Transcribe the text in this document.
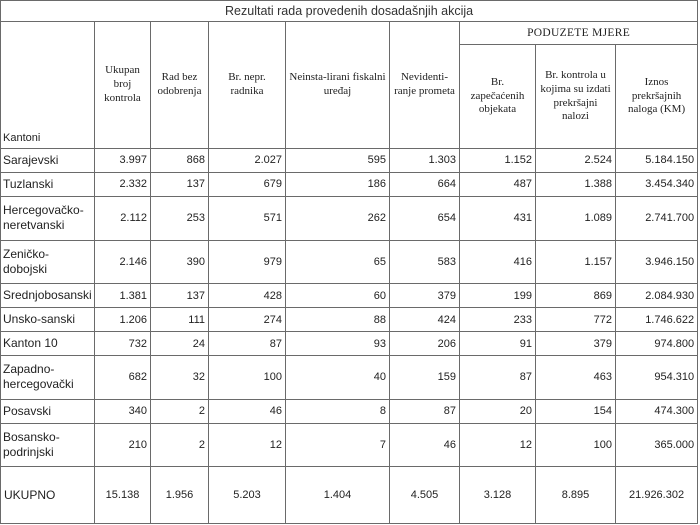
Rezultati rada provedenih dosadašnjih akcija								
Kantoni	Ukupan broj kontrola	Rad bez odobrenja	Br. nepr. radnika	Neinsta-lirani fiskalni uređaj	Nevidenti-ranje prometa	PODUZETE MJERE		
						Br. zapečaćenih objekata	Br. kontrola u kojima su izdati prekršajni nalozi	Iznos prekršajnih naloga (KM)
Sarajevski	3.997	868	2.027	595	1.303	1.152	2.524	5.184.150
Tuzlanski	2.332	137	679	186	664	487	1.388	3.454.340
Hercegovačko-neretvanski	2.112	253	571	262	654	431	1.089	2.741.700
Zeničko-dobojski	2.146	390	979	65	583	416	1.157	3.946.150
Srednjobosanski	1.381	137	428	60	379	199	869	2.084.930
Unsko-sanski	1.206	111	274	88	424	233	772	1.746.622
Kanton 10	732	24	87	93	206	91	379	974.800
Zapadno-hercegovački	682	32	100	40	159	87	463	954.310
Posavski	340	2	46	8	87	20	154	474.300
Bosansko-podrinjski	210	2	12	7	46	12	100	365.000
UKUPNO	15.138	1.956	5.203	1.404	4.505	3.128	8.895	21.926.302
